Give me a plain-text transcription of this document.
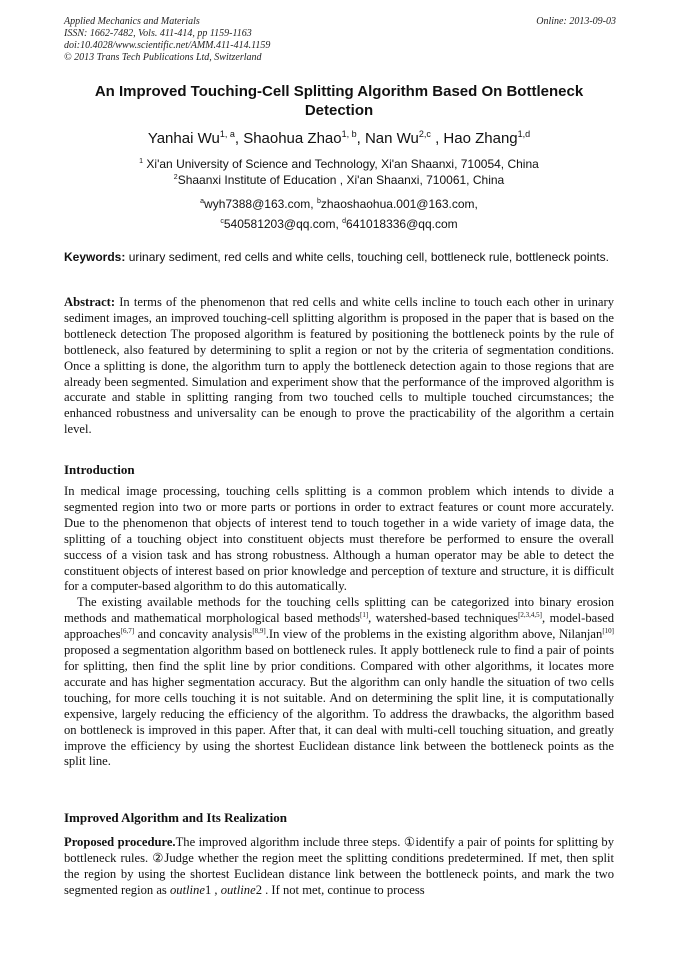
Applied Mechanics and Materials
ISSN: 1662-7482, Vols. 411-414, pp 1159-1163
doi:10.4028/www.scientific.net/AMM.411-414.1159
© 2013 Trans Tech Publications Ltd, Switzerland
Online: 2013-09-03
An Improved Touching-Cell Splitting Algorithm Based On Bottleneck Detection
Yanhai Wu$^{1, a}$, Shaohua Zhao$^{1, b}$, Nan Wu$^{2,c}$ , Hao Zhang$^{1,d}$
$^1$ Xi'an University of Science and Technology, Xi'an Shaanxi, 710054, China
$^2$Shaanxi Institute of Education , Xi'an Shaanxi, 710061, China
$^a$wyh7388@163.com, $^b$zhaoshaohua.001@163.com,
$^c$540581203@qq.com, $^d$641018336@qq.com
Keywords: urinary sediment, red cells and white cells, touching cell, bottleneck rule, bottleneck points.

Abstract: In terms of the phenomenon that red cells and white cells incline to touch each other in urinary sediment images, an improved touching-cell splitting algorithm is proposed in the paper that is based on the bottleneck detection The proposed algorithm is featured by positioning the bottleneck points by the rule of bottleneck, also featured by determining to split a region or not by the criteria of segmentation conditions. Once a splitting is done, the algorithm turn to apply the bottleneck detection again to those regions that are already been segmented. Simulation and experiment show that the performance of the improved algorithm is accurate and stable in splitting ranging from two touched cells to multiple touched circumstances; the enhanced robustness and universality can be enough to prove the practicability of the algorithm a certain level.

Introduction

In medical image processing, touching cells splitting is a common problem which intends to divide a segmented region into two or more parts or portions in order to extract features or count more accurately. Due to the phenomenon that objects of interest tend to touch together in a wide variety of image data, the splitting of a touching object into constituent objects must therefore be performed to ensure the overall success of a vision task and has strong robustness. Although a human operator may be able to detect the constituent objects of interest based on prior knowledge and perception of texture and structure, it is difficult for a computer-based algorithm to do this automatically.

The existing available methods for the touching cells splitting can be categorized into binary erosion methods and mathematical morphological based methods[1], watershed-based techniques[2,3,4,5], model-based approaches[6,7] and concavity analysis[8,9].In view of the problems in the existing algorithm above, Nilanjan[10] proposed a segmentation algorithm based on bottleneck rules. It apply bottleneck rule to find a pair of points for splitting, then find the split line by prior conditions. Compared with other algorithms, it locates more accurate and has higher segmentation accuracy. But the algorithm can only handle the situation of two cells touching, for more cells touching it is not suitable. And on determining the split line, it is computationally expensive, largely reducing the efficiency of the algorithm. To address the drawbacks, the algorithm based on bottleneck is improved in this paper. After that, it can deal with multi-cell touching situation, and greatly improve the efficiency by using the shortest Euclidean distance link between the bottleneck points as the split line.

Improved Algorithm and Its Realization

Proposed procedure.The improved algorithm include three steps. ①identify a pair of points for splitting by bottleneck rules. ②Judge whether the region meet the splitting conditions predetermined. If met, then split the region by using the shortest Euclidean distance link between the bottleneck points, and mark the two segmented region as outline1 , outline2 . If not met, continue to process
